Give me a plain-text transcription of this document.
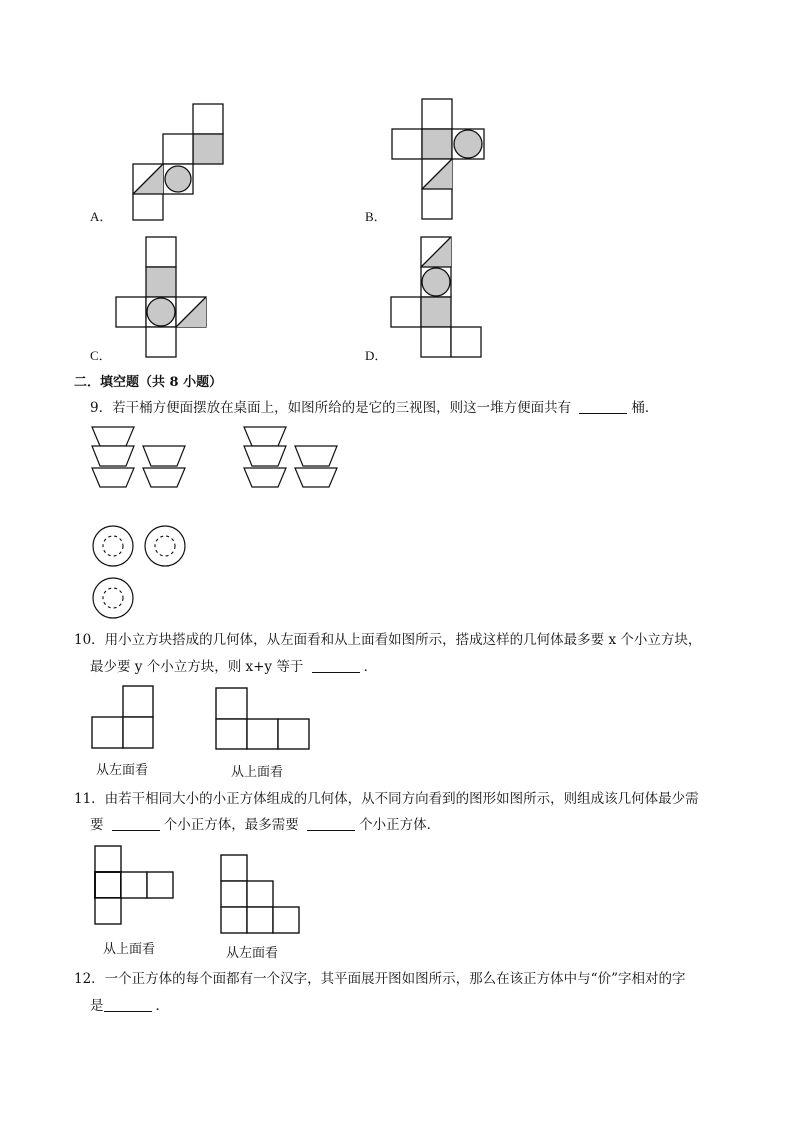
A．	B．
C．	D．
二．填空题（共 8 小题）
9．若干桶方便面摆放在桌面上，如图所给的是它的三视图，则这一堆方便面共有	桶．
10．用小立方块搭成的几何体，从左面看和从上面看如图所示，搭成这样的几何体最多要 x 个小立方块，
最少要 y 个小立方块，则 x+y 等于	．
从左面看	从上面看
11．由若干相同大小的小正方体组成的几何体，从不同方向看到的图形如图所示，则组成该几何体最少需
要	个小正方体，最多需要	个小正方体．
从上面看	从左面看
12．一个正方体的每个面都有一个汉字，其平面展开图如图所示，那么在该正方体中与“价”字相对的字
是	．
